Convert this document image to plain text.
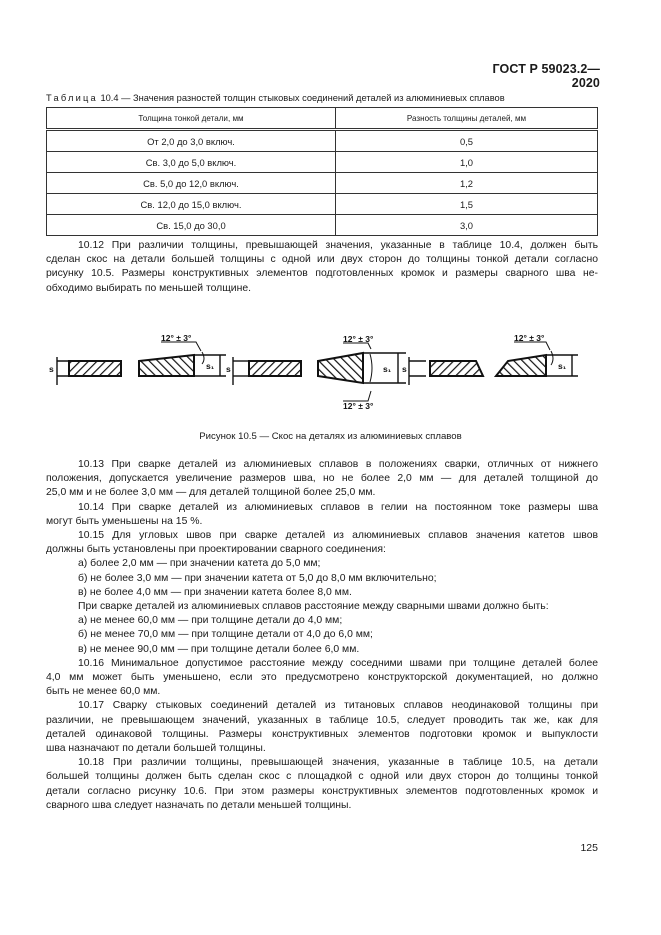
ГОСТ Р 59023.2—2020
Таблица 10.4 — Значения разностей толщин стыковых соединений деталей из алюминиевых сплавов
Толщина тонкой детали, мм	Разность толщины деталей, мм
От 2,0 до 3,0 включ.	0,5
Св. 3,0 до 5,0 включ.	1,0
Св. 5,0 до 12,0 включ.	1,2
Св. 12,0 до 15,0 включ.	1,5
Св. 15,0 до 30,0	3,0
10.12 При различии толщины, превышающей значения, указанные в таблице 10.4, должен быть
сделан скос на детали большей толщины с одной или двух сторон до толщины тонкой детали согласно
рисунку 10.5. Размеры конструктивных элементов подготовленных кромок и размеры сварного шва не-
обходимо выбирать по меньшей толщине.
12° ± 3°	12° ± 3°
12° ± 3°
12° ± 3°
s	s	s
s₁	s₁	s₁
Рисунок 10.5 — Скос на деталях из алюминиевых сплавов
10.13 При сварке деталей из алюминиевых сплавов в положениях сварки, отличных от нижнего
положения, допускается увеличение размеров шва, но не более 2,0 мм — для деталей толщиной до
25,0 мм и не более 3,0 мм — для деталей толщиной более 25,0 мм.
10.14 При сварке деталей из алюминиевых сплавов в гелии на постоянном токе размеры шва
могут быть уменьшены на 15 %.
10.15 Для угловых швов при сварке деталей из алюминиевых сплавов значения катетов швов
должны быть установлены при проектировании сварного соединения:
а) более 2,0 мм — при значении катета до 5,0 мм;
б) не более 3,0 мм — при значении катета от 5,0 до 8,0 мм включительно;
в) не более 4,0 мм — при значении катета более 8,0 мм.
При сварке деталей из алюминиевых сплавов расстояние между сварными швами должно быть:
а) не менее 60,0 мм — при толщине детали до 4,0 мм;
б) не менее 70,0 мм — при толщине детали от 4,0 до 6,0 мм;
в) не менее 90,0 мм — при толщине детали более 6,0 мм.
10.16 Минимальное допустимое расстояние между соседними швами при толщине деталей более
4,0 мм может быть уменьшено, если это предусмотрено конструкторской документацией, но должно
быть не менее 60,0 мм.
10.17 Сварку стыковых соединений деталей из титановых сплавов неодинаковой толщины при
различии, не превышающем значений, указанных в таблице 10.5, следует проводить так же, как для
деталей одинаковой толщины. Размеры конструктивных элементов подготовки кромок и выпуклости
шва назначают по детали большей толщины.
10.18 При различии толщины, превышающей значения, указанные в таблице 10.5, на детали
большей толщины должен быть сделан скос с площадкой с одной или двух сторон до толщины тонкой
детали согласно рисунку 10.6. При этом размеры конструктивных элементов подготовленных кромок и
сварного шва следует назначать по детали меньшей толщины.
125
